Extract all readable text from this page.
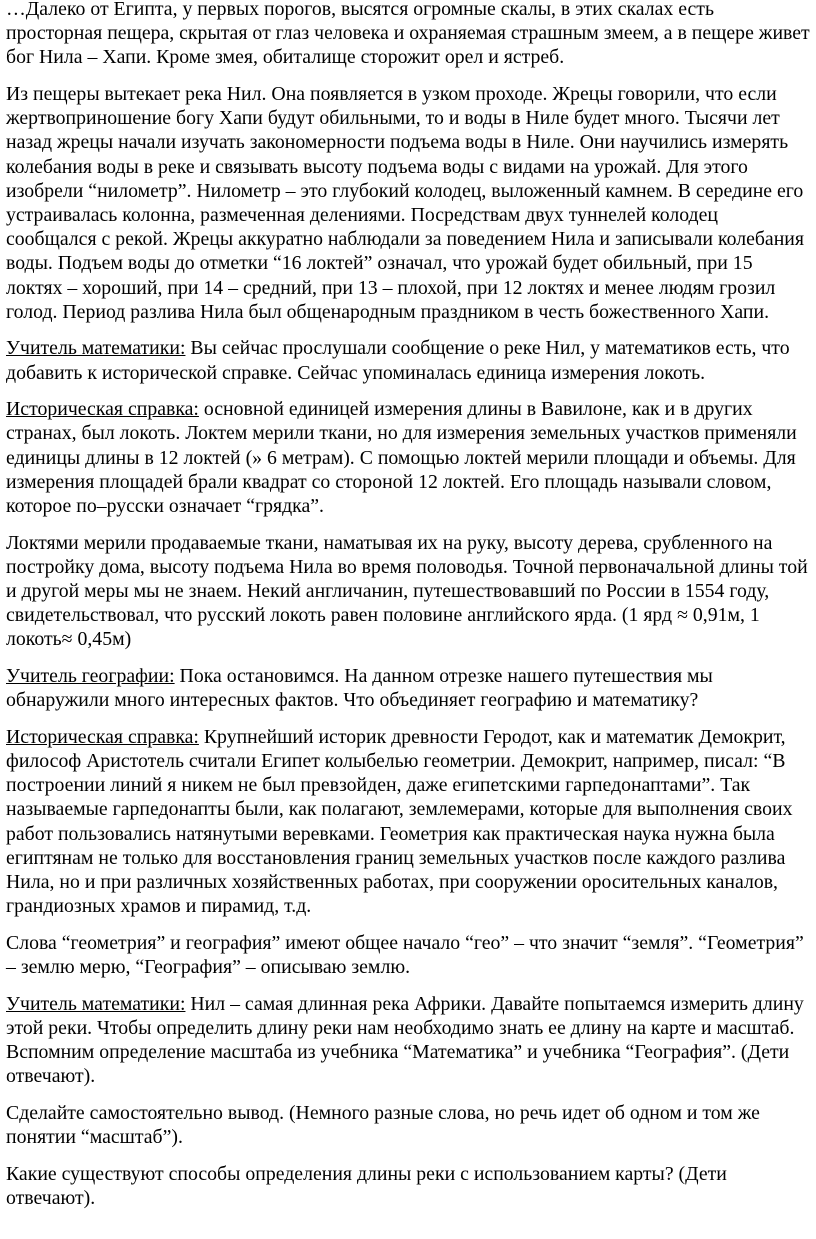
…Далеко от Египта, у первых порогов, высятся огромные скалы, в этих скалах есть просторная пещера, скрытая от глаз человека и охраняемая страшным змеем, а в пещере живет бог Нила – Хапи. Кроме змея, обиталище сторожит орел и ястреб.

Из пещеры вытекает река Нил. Она появляется в узком проходе. Жрецы говорили, что если жертвоприношение богу Хапи будут обильными, то и воды в Ниле будет много. Тысячи лет назад жрецы начали изучать закономерности подъема воды в Ниле. Они научились измерять колебания воды в реке и связывать высоту подъема воды с видами на урожай. Для этого изобрели “нилометр”. Нилометр – это глубокий колодец, выложенный камнем. В середине его устраивалась колонна, размеченная делениями. Посредствам двух туннелей колодец сообщался с рекой. Жрецы аккуратно наблюдали за поведением Нила и записывали колебания воды. Подъем воды до отметки “16 локтей” означал, что урожай будет обильный, при 15 локтях – хороший, при 14 – средний, при 13 – плохой, при 12 локтях и менее людям грозил голод. Период разлива Нила был общенародным праздником в честь божественного Хапи.

Учитель математики: Вы сейчас прослушали сообщение о реке Нил, у математиков есть, что добавить к исторической справке. Сейчас упоминалась единица измерения локоть.

Историческая справка: основной единицей измерения длины в Вавилоне, как и в других странах, был локоть. Локтем мерили ткани, но для измерения земельных участков применяли единицы длины в 12 локтей (» 6 метрам). С помощью локтей мерили площади и объемы. Для измерения площадей брали квадрат со стороной 12 локтей. Его площадь называли словом, которое по–русски означает “грядка”.

Локтями мерили продаваемые ткани, наматывая их на руку, высоту дерева, срубленного на постройку дома, высоту подъема Нила во время половодья. Точной первоначальной длины той и другой меры мы не знаем. Некий англичанин, путешествовавший по России в 1554 году, свидетельствовал, что русский локоть равен половине английского ярда. (1 ярд ≈ 0,91м, 1 локоть≈ 0,45м)

Учитель географии: Пока остановимся. На данном отрезке нашего путешествия мы обнаружили много интересных фактов. Что объединяет географию и математику?

Историческая справка: Крупнейший историк древности Геродот, как и математик Демокрит, философ Аристотель считали Египет колыбелью геометрии. Демокрит, например, писал: “В построении линий я никем не был превзойден, даже египетскими гарпедонаптами”. Так называемые гарпедонапты были, как полагают, землемерами, которые для выполнения своих работ пользовались натянутыми веревками. Геометрия как практическая наука нужна была египтянам не только для восстановления границ земельных участков после каждого разлива Нила, но и при различных хозяйственных работах, при сооружении оросительных каналов, грандиозных храмов и пирамид, т.д.

Слова “геометрия” и география” имеют общее начало “гео” – что значит “земля”. “Геометрия” – землю мерю, “География” – описываю землю.

Учитель математики: Нил – самая длинная река Африки. Давайте попытаемся измерить длину этой реки. Чтобы определить длину реки нам необходимо знать ее длину на карте и масштаб. Вспомним определение масштаба из учебника “Математика” и учебника “География”. (Дети отвечают).

Сделайте самостоятельно вывод. (Немного разные слова, но речь идет об одном и том же понятии “масштаб”).

Какие существуют способы определения длины реки с использованием карты? (Дети отвечают).
